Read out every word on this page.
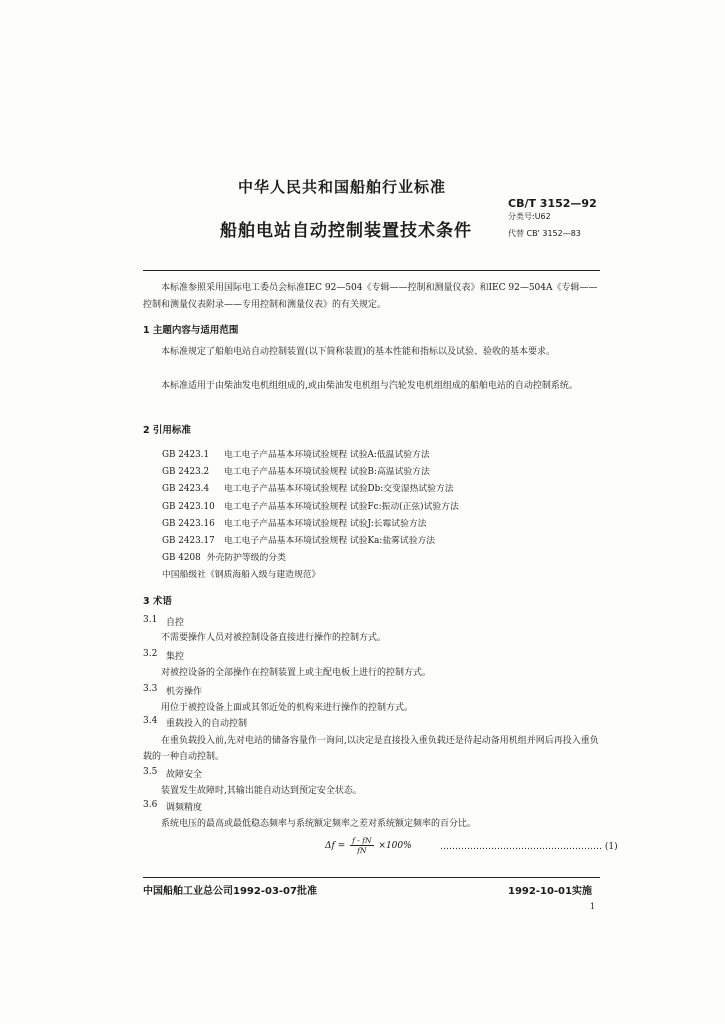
中华人民共和国船舶行业标准
CB/T 3152—92
分类号:U62
船舶电站自动控制装置技术条件	代替 CB' 3152—83
本标准参照采用国际电工委员会标准IEC 92—504《专辑——控制和测量仪表》和IEC 92—504A《专辑——控制和测量仪表附录——专用控制和测量仪表》的有关规定。
1 主题内容与适用范围
本标准规定了船舶电站自动控制装置(以下简称装置)的基本性能和指标以及试验、验收的基本要求。
本标准适用于由柴油发电机组组成的,或由柴油发电机组与汽轮发电机组组成的船舶电站的自动控制系统。
2 引用标准
GB 2423.1 电工电子产品基本环境试验规程 试验A:低温试验方法
GB 2423.2 电工电子产品基本环境试验规程 试验B:高温试验方法
GB 2423.4 电工电子产品基本环境试验规程 试验Db:交变湿热试验方法
GB 2423.10 电工电子产品基本环境试验规程 试验Fc:振动(正弦)试验方法
GB 2423.16 电工电子产品基本环境试验规程 试验J:长霉试验方法
GB 2423.17 电工电子产品基本环境试验规程 试验Ka:盐雾试验方法
GB 4208 外壳防护等级的分类
中国船级社《钢质海船入级与建造规范》
3 术语
3.1 自控
不需要操作人员对被控制设备直接进行操作的控制方式。
3.2 集控
对被控设备的全部操作在控制装置上或主配电板上进行的控制方式。
3.3 机旁操作
用位于被控设备上面或其邻近处的机构来进行操作的控制方式。
3.4 重载投入的自动控制
在重负载投入前,先对电站的储备容量作一询问,以决定是直接投入重负载还是待起动备用机组并网后再投入重负载的一种自动控制。
3.5 故障安全
装置发生故障时,其输出能自动达到预定安全状态。
3.6 调频精度
系统电压的最高或最低稳态频率与系统额定频率之差对系统额定频率的百分比。
$\Delta f = \frac{f - fN}{fN} \times 100\%$	……………………………………………… (1)
中国船舶工业总公司1992-03-07批准	1992-10-01实施
1
